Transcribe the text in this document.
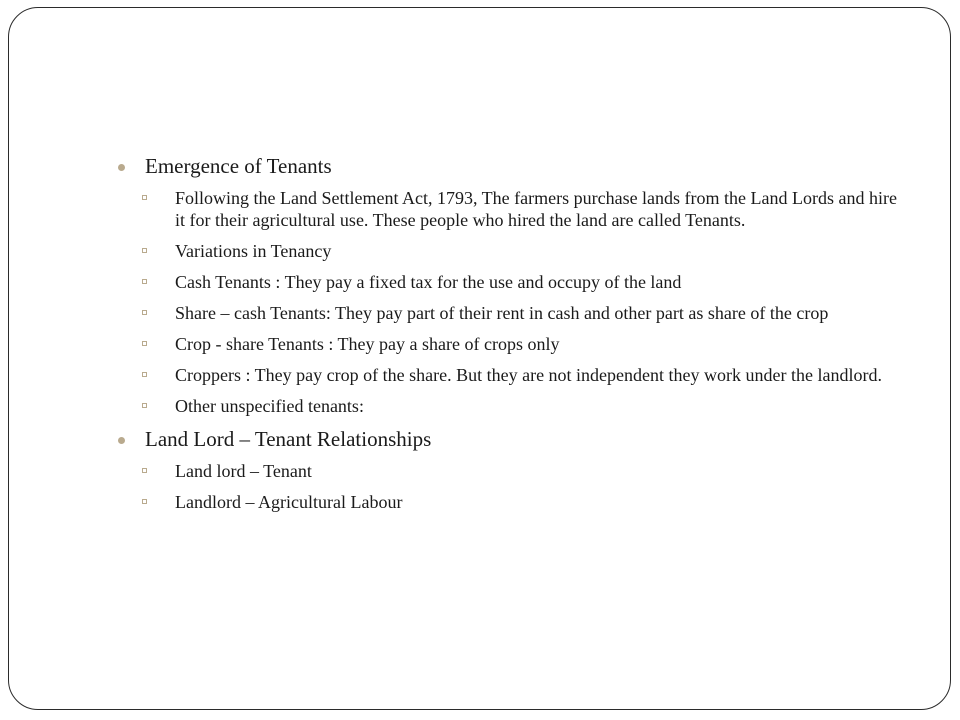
Emergence of Tenants
Following the Land Settlement Act, 1793, The farmers purchase lands from the Land Lords and hire it for their agricultural use. These people who hired the land are called Tenants.
Variations in Tenancy
Cash Tenants : They pay a fixed tax for the use and occupy of the land
Share – cash Tenants: They pay part of their rent in cash and other part as share of the crop
Crop - share Tenants : They pay a share of crops only
Croppers : They pay crop of the share. But they are not independent they work under the landlord.
Other unspecified tenants:
Land Lord – Tenant Relationships
Land lord – Tenant
Landlord – Agricultural Labour
